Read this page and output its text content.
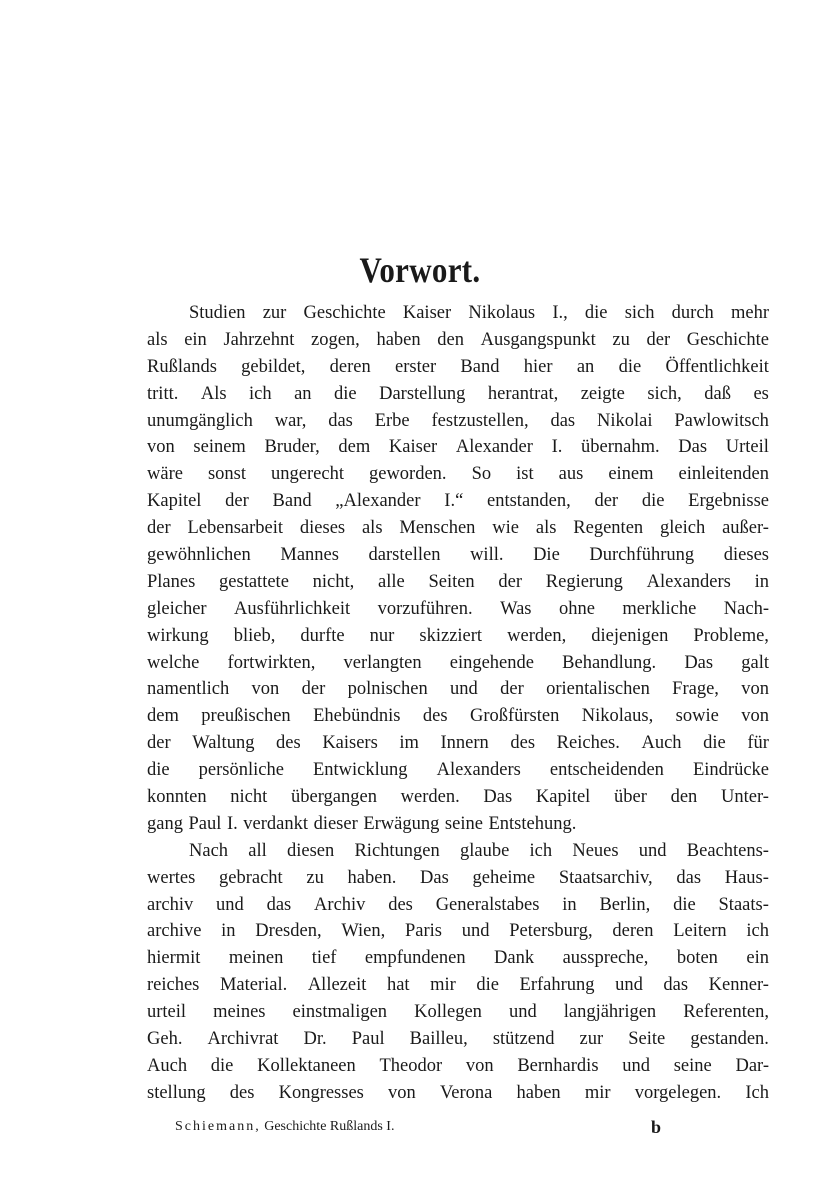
Vorwort.
Studien zur Geschichte Kaiser Nikolaus I., die sich durch mehr
als ein Jahrzehnt zogen, haben den Ausgangspunkt zu der Geschichte
Rußlands gebildet, deren erster Band hier an die Öffentlichkeit
tritt. Als ich an die Darstellung herantrat, zeigte sich, daß es
unumgänglich war, das Erbe festzustellen, das Nikolai Pawlowitsch
von seinem Bruder, dem Kaiser Alexander I. übernahm. Das Urteil
wäre sonst ungerecht geworden. So ist aus einem einleitenden
Kapitel der Band „Alexander I.“ entstanden, der die Ergebnisse
der Lebensarbeit dieses als Menschen wie als Regenten gleich außer-
gewöhnlichen Mannes darstellen will. Die Durchführung dieses
Planes gestattete nicht, alle Seiten der Regierung Alexanders in
gleicher Ausführlichkeit vorzuführen. Was ohne merkliche Nach-
wirkung blieb, durfte nur skizziert werden, diejenigen Probleme,
welche fortwirkten, verlangten eingehende Behandlung. Das galt
namentlich von der polnischen und der orientalischen Frage, von
dem preußischen Ehebündnis des Großfürsten Nikolaus, sowie von
der Waltung des Kaisers im Innern des Reiches. Auch die für
die persönliche Entwicklung Alexanders entscheidenden Eindrücke
konnten nicht übergangen werden. Das Kapitel über den Unter-
gang Paul I. verdankt dieser Erwägung seine Entstehung.
Nach all diesen Richtungen glaube ich Neues und Beachtens-
wertes gebracht zu haben. Das geheime Staatsarchiv, das Haus-
archiv und das Archiv des Generalstabes in Berlin, die Staats-
archive in Dresden, Wien, Paris und Petersburg, deren Leitern ich
hiermit meinen tief empfundenen Dank ausspreche, boten ein
reiches Material. Allezeit hat mir die Erfahrung und das Kenner-
urteil meines einstmaligen Kollegen und langjährigen Referenten,
Geh. Archivrat Dr. Paul Bailleu, stützend zur Seite gestanden.
Auch die Kollektaneen Theodor von Bernhardis und seine Dar-
stellung des Kongresses von Verona haben mir vorgelegen. Ich
Schiemann, Geschichte Rußlands I.	b
